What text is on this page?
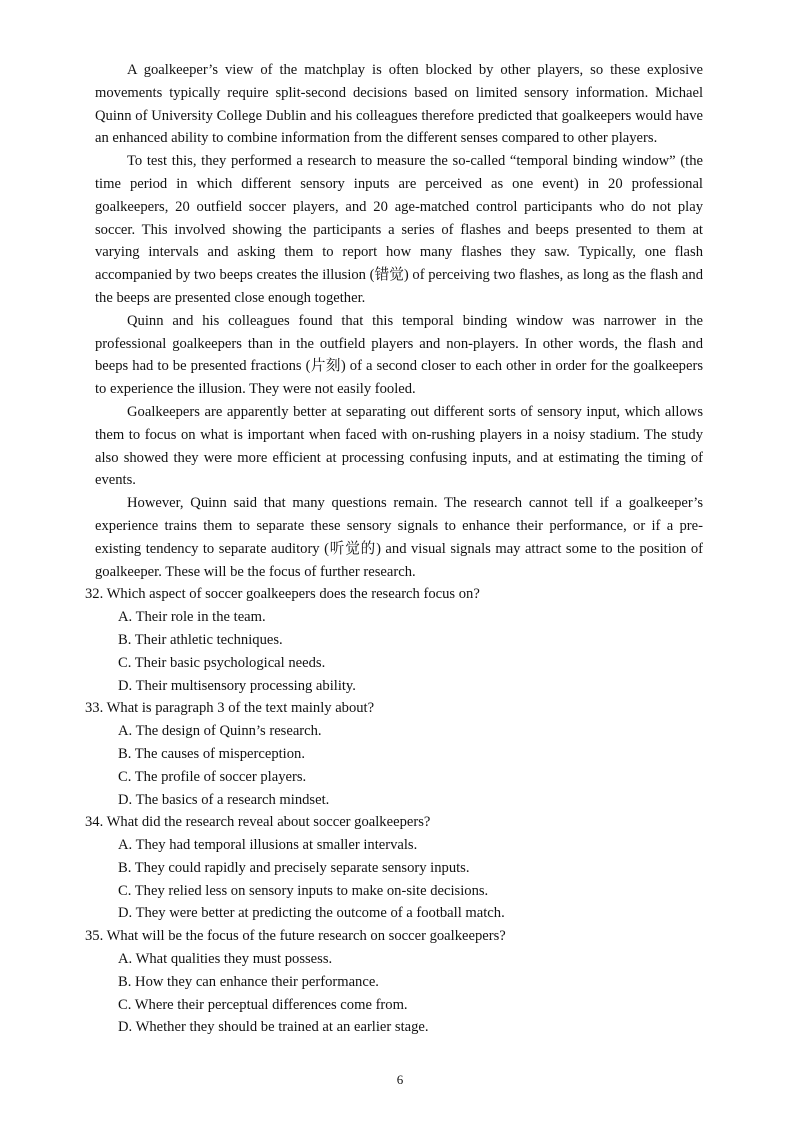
A goalkeeper’s view of the matchplay is often blocked by other players, so these explosive movements typically require split-second decisions based on limited sensory information. Michael Quinn of University College Dublin and his colleagues therefore predicted that goalkeepers would have an enhanced ability to combine information from the different senses compared to other players.

To test this, they performed a research to measure the so-called “temporal binding window” (the time period in which different sensory inputs are perceived as one event) in 20 professional goalkeepers, 20 outfield soccer players, and 20 age-matched control participants who do not play soccer. This involved showing the participants a series of flashes and beeps presented to them at varying intervals and asking them to report how many flashes they saw. Typically, one flash accompanied by two beeps creates the illusion (错觉) of perceiving two flashes, as long as the flash and the beeps are presented close enough together.

Quinn and his colleagues found that this temporal binding window was narrower in the professional goalkeepers than in the outfield players and non-players. In other words, the flash and beeps had to be presented fractions (片刻) of a second closer to each other in order for the goalkeepers to experience the illusion. They were not easily fooled.

Goalkeepers are apparently better at separating out different sorts of sensory input, which allows them to focus on what is important when faced with on-rushing players in a noisy stadium. The study also showed they were more efficient at processing confusing inputs, and at estimating the timing of events.

However, Quinn said that many questions remain. The research cannot tell if a goalkeeper’s experience trains them to separate these sensory signals to enhance their performance, or if a pre-existing tendency to separate auditory (听觉的) and visual signals may attract some to the position of goalkeeper. These will be the focus of further research.

32. Which aspect of soccer goalkeepers does the research focus on?

A. Their role in the team.
B. Their athletic techniques.
C. Their basic psychological needs.
D. Their multisensory processing ability.

33. What is paragraph 3 of the text mainly about?

A. The design of Quinn’s research.
B. The causes of misperception.
C. The profile of soccer players.
D. The basics of a research mindset.

34. What did the research reveal about soccer goalkeepers?

A. They had temporal illusions at smaller intervals.
B. They could rapidly and precisely separate sensory inputs.
C. They relied less on sensory inputs to make on-site decisions.
D. They were better at predicting the outcome of a football match.

35. What will be the focus of the future research on soccer goalkeepers?

A. What qualities they must possess.
B. How they can enhance their performance.
C. Where their perceptual differences come from.
D. Whether they should be trained at an earlier stage.
6
